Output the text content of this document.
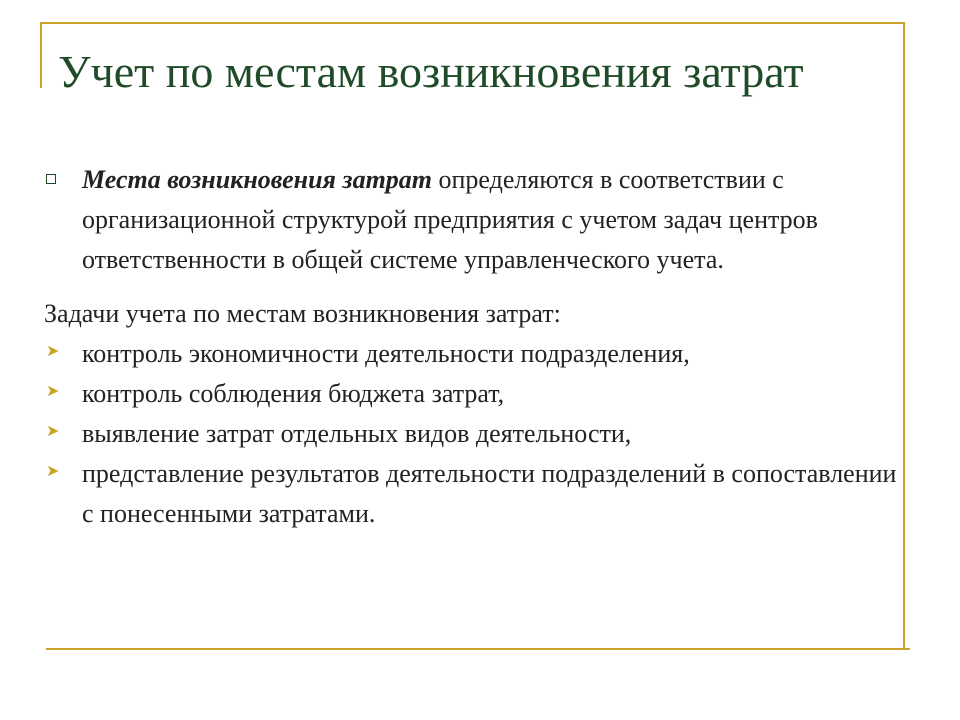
Учет по местам возникновения затрат

Места возникновения затрат определяются в соответствии с организационной структурой предприятия с учетом задач центров ответственности в общей системе управленческого учета.

Задачи учета по местам возникновения затрат:

➤ контроль экономичности деятельности подразделения,
➤ контроль соблюдения бюджета затрат,
➤ выявление затрат отдельных видов деятельности,
➤ представление результатов деятельности подразделений в сопоставлении с понесенными затратами.
